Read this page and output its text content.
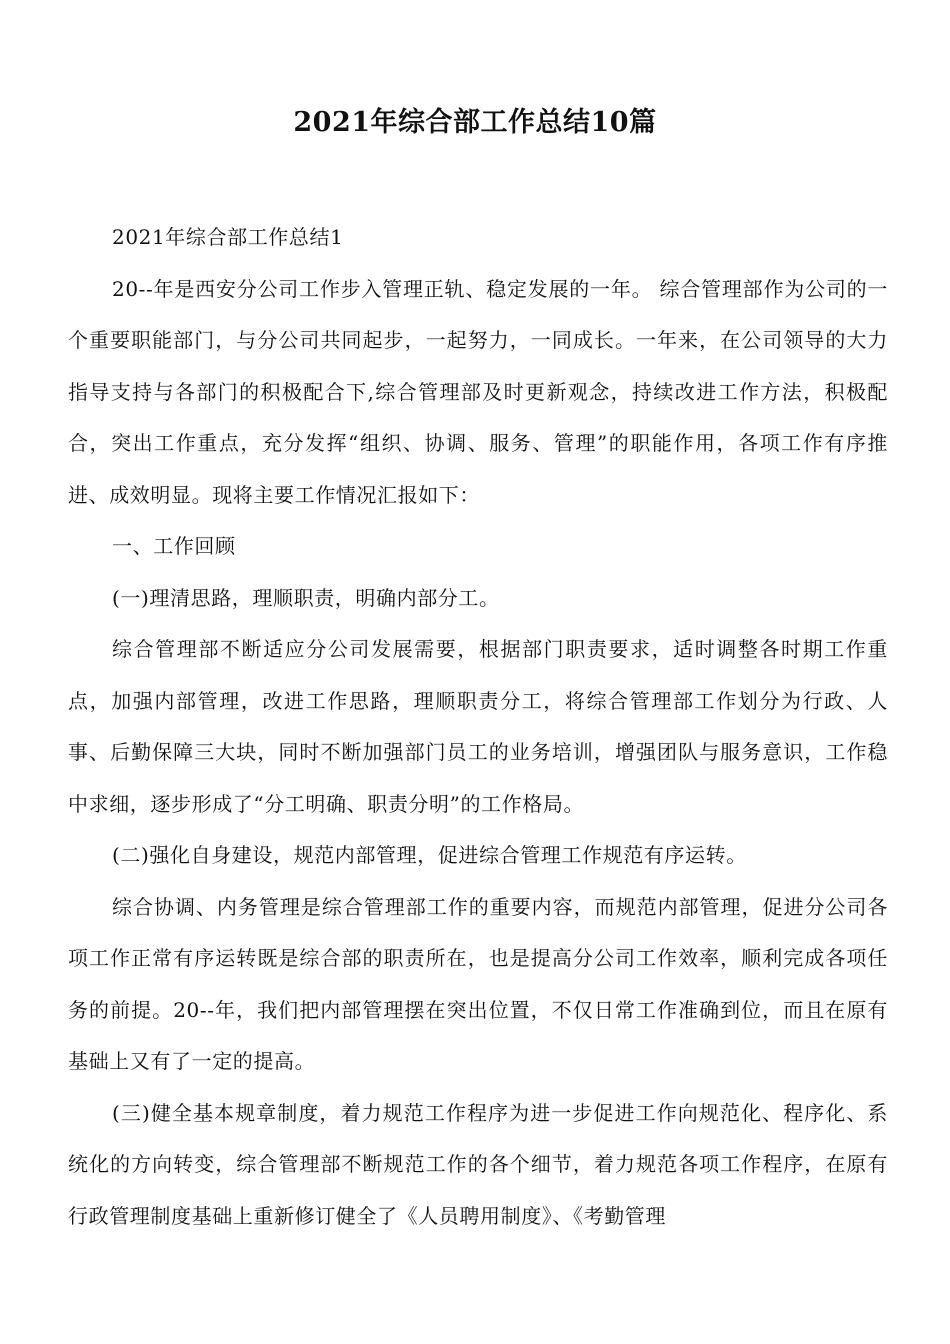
2021年综合部工作总结10篇

2021年综合部工作总结1

20--年是西安分公司工作步入管理正轨、稳定发展的一年。 综合管理部作为公司的一个重要职能部门，与分公司共同起步，一起努力，一同成长。一年来，在公司领导的大力指导支持与各部门的积极配合下,综合管理部及时更新观念，持续改进工作方法，积极配合，突出工作重点，充分发挥“组织、协调、服务、管理”的职能作用，各项工作有序推进、成效明显。现将主要工作情况汇报如下：

一、工作回顾

(一)理清思路，理顺职责，明确内部分工。

综合管理部不断适应分公司发展需要，根据部门职责要求，适时调整各时期工作重点，加强内部管理，改进工作思路，理顺职责分工，将综合管理部工作划分为行政、人事、后勤保障三大块，同时不断加强部门员工的业务培训，增强团队与服务意识，工作稳中求细，逐步形成了“分工明确、职责分明”的工作格局。

(二)强化自身建设，规范内部管理，促进综合管理工作规范有序运转。

综合协调、内务管理是综合管理部工作的重要内容，而规范内部管理，促进分公司各项工作正常有序运转既是综合部的职责所在，也是提高分公司工作效率，顺利完成各项任务的前提。20--年，我们把内部管理摆在突出位置，不仅日常工作准确到位，而且在原有基础上又有了一定的提高。

(三)健全基本规章制度，着力规范工作程序为进一步促进工作向规范化、程序化、系统化的方向转变，综合管理部不断规范工作的各个细节，着力规范各项工作程序，在原有行政管理制度基础上重新修订健全了《人员聘用制度》、《考勤管理
